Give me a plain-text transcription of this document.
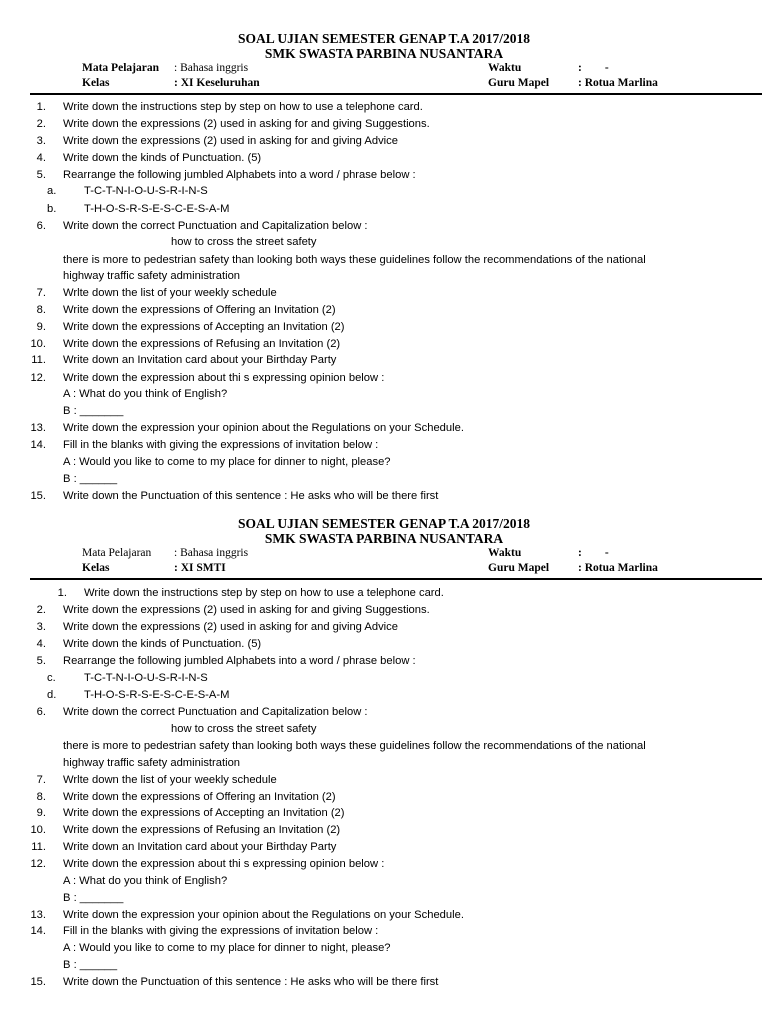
SOAL UJIAN SEMESTER GENAP T.A 2017/2018
SMK SWASTA PARBINA NUSANTARA
Mata Pelajaran : Bahasa inggris	Waktu	:        -
Kelas	: XI Keseluruhan	Guru Mapel	: Rotua Marlina
1. Write down the instructions step by step on how to use a telephone card.
2. Write down the expressions (2) used in asking for and giving Suggestions.
3. Write down the expressions (2) used in asking for and giving Advice
4. Write down the kinds of Punctuation. (5)
5. Rearrange the following jumbled Alphabets into a word / phrase below :
a.	T-C-T-N-I-O-U-S-R-I-N-S
b.	T-H-O-S-R-S-E-S-C-E-S-A-M
6. Write down the correct Punctuation and Capitalization below :
how to cross the street safety
there is more to pedestrian safety than looking both ways these guidelines follow the recommendations of the national
highway traffic safety administration
7. Wrlte down the list of your weekly schedule
8. Write down the expressions of Offering an Invitation (2)
9. Write down the expressions of Accepting an Invitation (2)
10. Write down the expressions of Refusing an Invitation (2)
11. Write down an Invitation card about your Birthday Party
12. Write down the expression about thi s expressing opinion below :
A : What do you think of English?
B : _______
13. Write down the expression your opinion about the Regulations on your Schedule.
14. Fill in the blanks with giving the expressions of invitation below :
A : Would you like to come to my place for dinner to night, please?
B : ______
15. Write down the Punctuation of this sentence : He asks who will be there first
SOAL UJIAN SEMESTER GENAP T.A 2017/2018
SMK SWASTA PARBINA NUSANTARA
Mata Pelajaran : Bahasa inggris	Waktu	:        -
Kelas	: XI SMTI	Guru Mapel	: Rotua Marlina
1. Write down the instructions step by step on how to use a telephone card.
2. Write down the expressions (2) used in asking for and giving Suggestions.
3. Write down the expressions (2) used in asking for and giving Advice
4. Write down the kinds of Punctuation. (5)
5. Rearrange the following jumbled Alphabets into a word / phrase below :
c.	T-C-T-N-I-O-U-S-R-I-N-S
d.	T-H-O-S-R-S-E-S-C-E-S-A-M
6. Write down the correct Punctuation and Capitalization below :
how to cross the street safety
there is more to pedestrian safety than looking both ways these guidelines follow the recommendations of the national
highway traffic safety administration
7. Wrlte down the list of your weekly schedule
8. Write down the expressions of Offering an Invitation (2)
9. Write down the expressions of Accepting an Invitation (2)
10. Write down the expressions of Refusing an Invitation (2)
11. Write down an Invitation card about your Birthday Party
12. Write down the expression about thi s expressing opinion below :
A : What do you think of English?
B : _______
13. Write down the expression your opinion about the Regulations on your Schedule.
14. Fill in the blanks with giving the expressions of invitation below :
A : Would you like to come to my place for dinner to night, please?
B : ______
15. Write down the Punctuation of this sentence : He asks who will be there first
